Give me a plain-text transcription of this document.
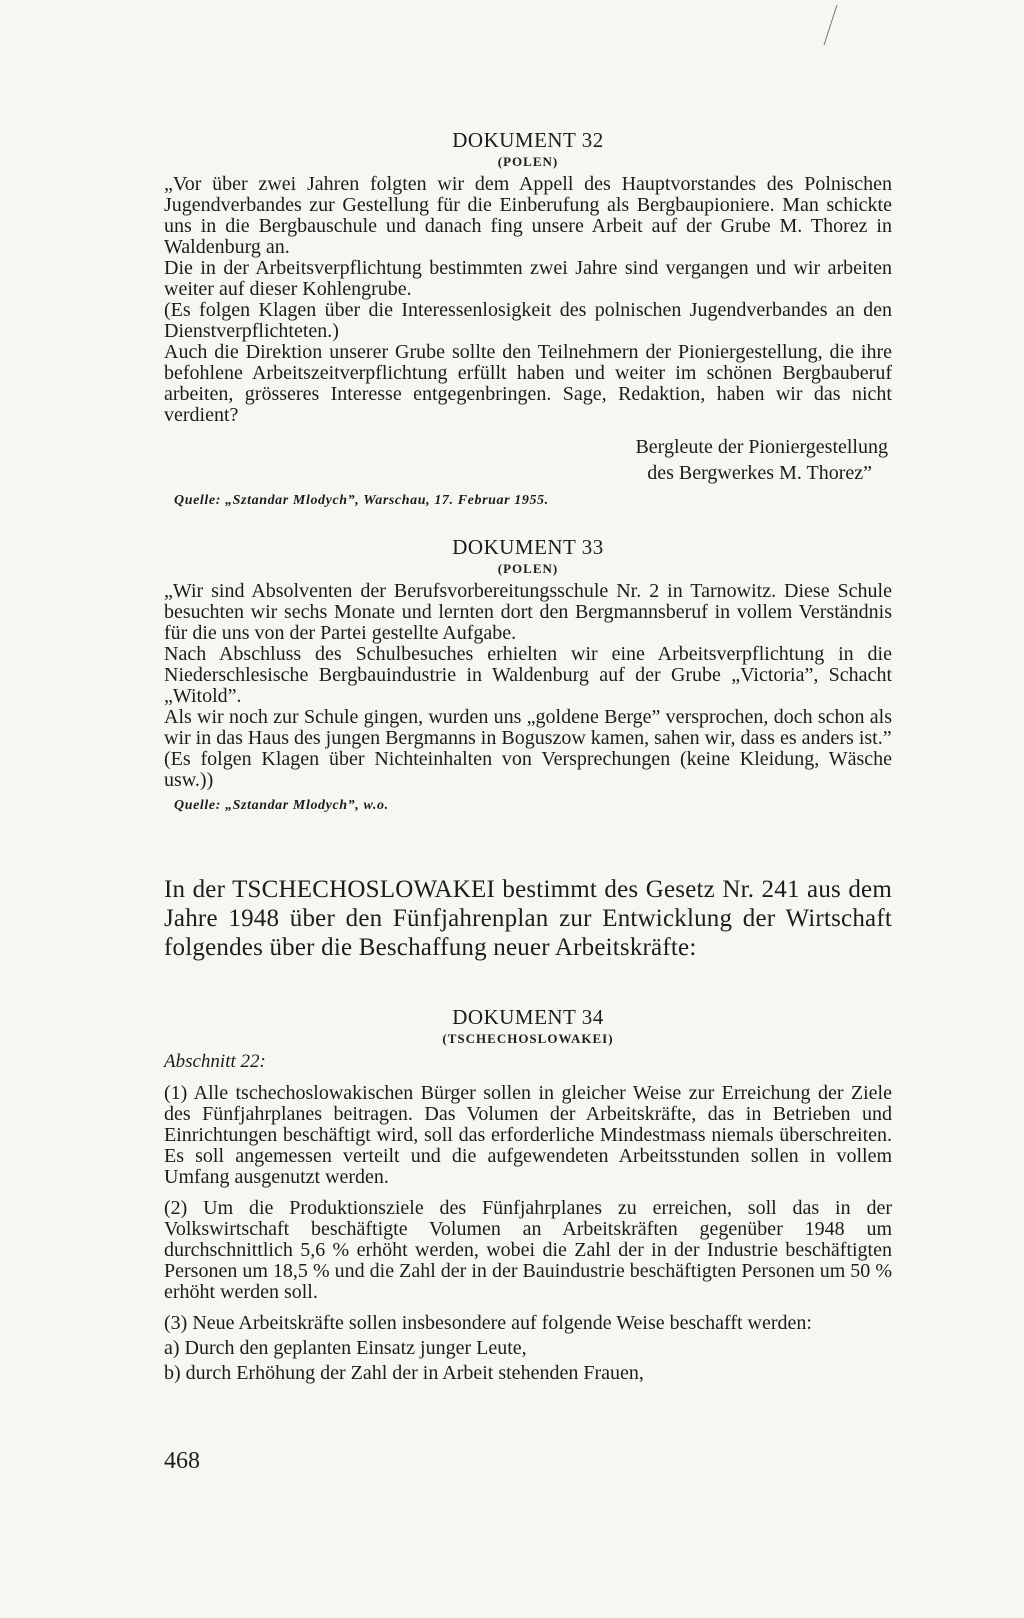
DOKUMENT 32

(POLEN)

„Vor über zwei Jahren folgten wir dem Appell des Hauptvorstandes des Polnischen Jugendverbandes zur Gestellung für die Einberufung als Bergbaupioniere. Man schickte uns in die Bergbauschule und danach fing unsere Arbeit auf der Grube M. Thorez in Waldenburg an.

Die in der Arbeitsverpflichtung bestimmten zwei Jahre sind vergangen und wir arbeiten weiter auf dieser Kohlengrube.

(Es folgen Klagen über die Interessenlosigkeit des polnischen Jugendverbandes an den Dienstverpflichteten.)

Auch die Direktion unserer Grube sollte den Teilnehmern der Pioniergestellung, die ihre befohlene Arbeitszeitverpflichtung erfüllt haben und weiter im schönen Bergbauberuf arbeiten, grösseres Interesse entgegenbringen. Sage, Redaktion, haben wir das nicht verdient?

Bergleute der Pioniergestellung

des Bergwerkes M. Thorez”

Quelle: „Sztandar Mlodych”, Warschau, 17. Februar 1955.

DOKUMENT 33

(POLEN)

„Wir sind Absolventen der Berufsvorbereitungsschule Nr. 2 in Tarnowitz. Diese Schule besuchten wir sechs Monate und lernten dort den Bergmannsberuf in vollem Verständnis für die uns von der Partei gestellte Aufgabe.

Nach Abschluss des Schulbesuches erhielten wir eine Arbeitsverpflichtung in die Niederschlesische Bergbauindustrie in Waldenburg auf der Grube „Victoria”, Schacht „Witold”.

Als wir noch zur Schule gingen, wurden uns „goldene Berge” versprochen, doch schon als wir in das Haus des jungen Bergmanns in Boguszow kamen, sahen wir, dass es anders ist.”

(Es folgen Klagen über Nichteinhalten von Versprechungen (keine Kleidung, Wäsche usw.))

Quelle: „Sztandar Mlodych”, w.o.

In der TSCHECHOSLOWAKEI bestimmt des Gesetz Nr. 241 aus dem Jahre 1948 über den Fünfjahrenplan zur Entwicklung der Wirtschaft folgendes über die Beschaffung neuer Arbeitskräfte:

DOKUMENT 34

(TSCHECHOSLOWAKEI)

Abschnitt 22:

(1) Alle tschechoslowakischen Bürger sollen in gleicher Weise zur Erreichung der Ziele des Fünfjahrplanes beitragen. Das Volumen der Arbeitskräfte, das in Betrieben und Einrichtungen beschäftigt wird, soll das erforderliche Mindestmass niemals überschreiten. Es soll angemessen verteilt und die aufgewendeten Arbeitsstunden sollen in vollem Umfang ausgenutzt werden.

(2) Um die Produktionsziele des Fünfjahrplanes zu erreichen, soll das in der Volkswirtschaft beschäftigte Volumen an Arbeitskräften gegenüber 1948 um durchschnittlich 5,6 % erhöht werden, wobei die Zahl der in der Industrie beschäftigten Personen um 18,5 % und die Zahl der in der Bauindustrie beschäftigten Personen um 50 % erhöht werden soll.

(3) Neue Arbeitskräfte sollen insbesondere auf folgende Weise beschafft werden:

a) Durch den geplanten Einsatz junger Leute,

b) durch Erhöhung der Zahl der in Arbeit stehenden Frauen,

468
